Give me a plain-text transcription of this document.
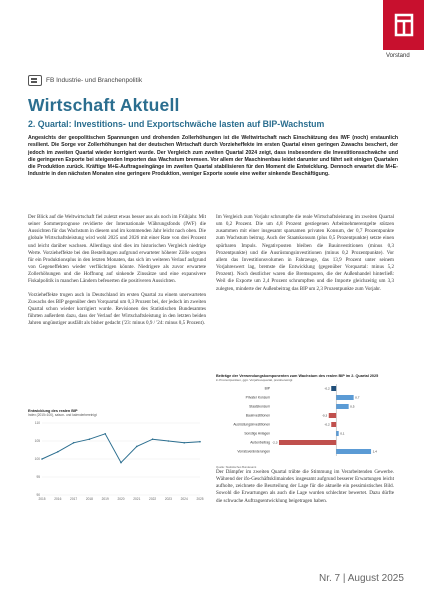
Vorstand
FB Industrie- und Branchenpolitik
Wirtschaft Aktuell
2. Quartal: Investitions- und Exportschwäche lasten auf BIP-Wachstum
Angesichts der geopolitischen Spannungen und drohenden Zollerhöhungen ist die Weltwirtschaft nach Einschätzung des IWF (noch) erstaunlich resilient. Die Sorge vor Zollerhöhungen hat der deutschen Wirtschaft durch Vorzieheffekte im ersten Quartal einen geringen Zuwachs beschert, der jedoch im zweiten Quartal wieder korrigiert wurde. Der Vergleich zum zweiten Quartal 2024 zeigt, dass insbesondere die Investitionsschwäche und die geringeren Exporte bei steigenden Importen das Wachstum bremsen. Vor allem der Maschinenbau leidet darunter und fährt seit einigen Quartalen die Produktion zurück. Kräftige M+E-Auftragseingänge im zweiten Quartal stabilisieren für den Moment die Entwicklung. Dennoch erwartet die M+E-Industrie in den nächsten Monaten eine geringere Produktion, weniger Exporte sowie eine weiter sinkende Beschäftigung.

Der Blick auf die Weltwirtschaft fiel zuletzt etwas besser aus als noch im Frühjahr. Mit seiner Sommerprognose revidierte der Internationale Währungsfonds (IWF) die Aussichten für das Wachstum in diesem und im kommenden Jahr leicht nach oben. Die globale Wirtschaftsleistung wird wohl 2025 und 2026 mit einer Rate von drei Prozent und leicht darüber wachsen. Allerdings sind dies im historischen Vergleich niedrige Werte. Vorzieheffekte bei den Bestellungen aufgrund erwarteter höherer Zölle sorgten für ein Produktionsplus in den letzten Monaten, das sich im weiteren Verlauf aufgrund von Gegeneffekten wieder verflüchtigen könnte. Niedrigere als zuvor erwartete Zollerhöhungen und die Hoffnung auf sinkende Zinssätze und eine expansivere Fiskalpolitik in manchen Ländern befeuerten die positiveren Aussichten.

Vorzieheffekte trugen auch in Deutschland im ersten Quartal zu einem unerwarteten Zuwachs des BIP gegenüber dem Vorquartal um 0,3 Prozent bei, der jedoch im zweiten Quartal schon wieder korrigiert wurde. Revisionen des Statistischen Bundesamtes führten außerdem dazu, dass der Verlauf der Wirtschaftsleistung in den letzten beiden Jahren ungünstiger ausfällt als bisher gedacht ('23: minus 0,9 / '24: minus 0,5 Prozent).

Entwicklung des realen BIP
Index (2015=100), saison- und kalenderbereinigt
90
95
100
105
110
2015	2016	2017	2018	2019	2020	2021	2022	2023	2024	2025

Im Vergleich zum Vorjahr schrumpfte die reale Wirtschaftsleistung im zweiten Quartal um 0,2 Prozent. Die um 4,8 Prozent gestiegenen Arbeitnehmerentgelte stützen zusammen mit einer insgesamt sparsamen privaten Konsum, der 0,7 Prozentpunkte zum Wachstum beitrug. Auch der Staatskonsum (plus 0,5 Prozentpunkte) setzte einen spürbaren Impuls. Negativposten bleiben die Bauinvestitionen (minus 0,3 Prozentpunkte) und die Ausrüstungsinvestitionen (minus 0,2 Prozentpunkte). Vor allem das Investitionsvolumen in Fahrzeuge, das 13,9 Prozent unter seinem Vorjahreswert lag, bremste die Entwicklung (gegenüber Vorquartal: minus 5,2 Prozent). Noch deutlicher waren die Bremsspuren, die der Außenhandel hinterließ: Weil die Exporte um 2,4 Prozent schrumpften und die Importe gleichzeitig um 3,3 zulegten, minderte der Außenbeitrag das BIP um 2,3 Prozentpunkte zum Vorjahr.

Beiträge der Verwendungskomponenten zum Wachstum des realen BIP im 2. Quartal 2025
in Prozentpunkten, ggü. Vorjahresquartal, preisbereinigt
BIP	-0,2
Privater Konsum	0,7
Staatskonsum	0,5
Bauinvestitionen	-0,3
Ausrüstungsinvestitionen	-0,2
Sonstige Anlagen	0,1
Außenbeitrag -2,3
Vorratsveränderungen	1,4
Quelle: Statistisches Bundesamt

Der Dämpfer im zweiten Quartal trübte die Stimmung im Verarbeitenden Gewerbe. Während der ifo-Geschäftsklimaindex insgesamt aufgrund besserer Erwartungen leicht aufholte, zeichnete die Beurteilung der Lage für die aktuelle ein pessimistisches Bild. Sowohl die Erwartungen als auch die Lage wurden schlechter bewertet. Dazu dürfte die schwache Auftragsentwicklung beigetragen haben.

Nr. 7 | August 2025
